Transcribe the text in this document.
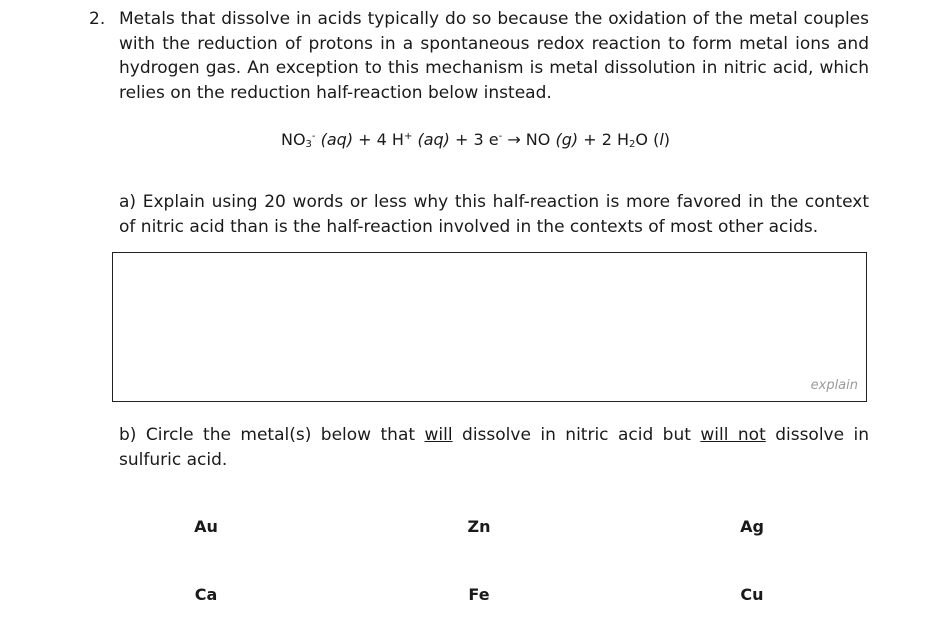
2. Metals that dissolve in acids typically do so because the oxidation of the metal couples with the reduction of protons in a spontaneous redox reaction to form metal ions and hydrogen gas. An exception to this mechanism is metal dissolution in nitric acid, which relies on the reduction half-reaction below instead.
$NO_3^-$ (aq) + 4 H+ (aq) + 3 e- → NO (g) + 2 $H_2O$ (l)
a) Explain using 20 words or less why this half-reaction is more favored in the context of nitric acid than is the half-reaction involved in the contexts of most other acids.
explain
b) Circle the metal(s) below that will dissolve in nitric acid but will not dissolve in sulfuric acid.
Au	Zn	Ag
Ca	Fe	Cu
